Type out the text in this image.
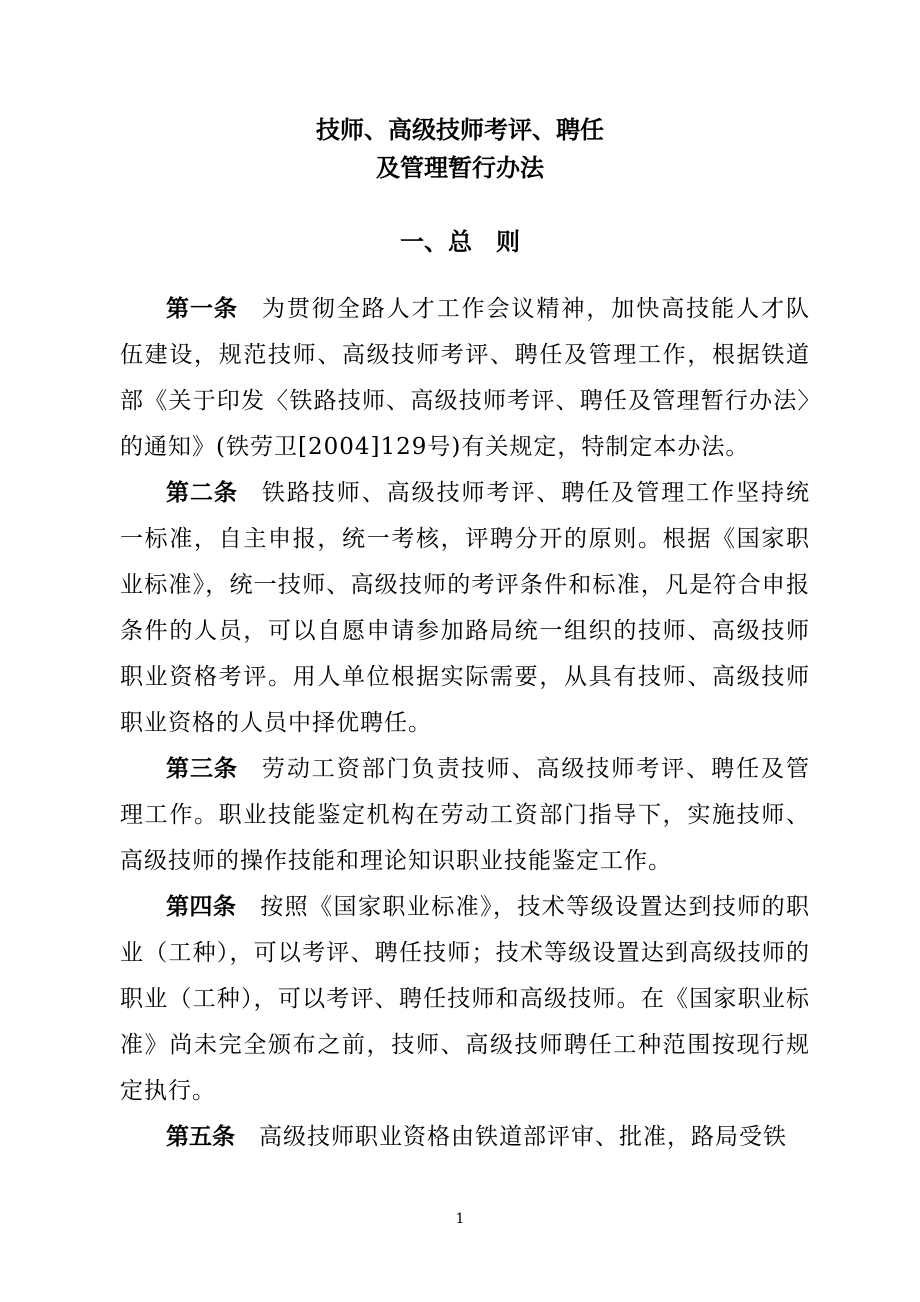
技师、高级技师考评、聘任
及管理暂行办法
一、总　则

第一条 为贯彻全路人才工作会议精神，加快高技能人才队伍建设，规范技师、高级技师考评、聘任及管理工作，根据铁道部《关于印发〈铁路技师、高级技师考评、聘任及管理暂行办法〉的通知》(铁劳卫[2004]129号)有关规定，特制定本办法。

第二条 铁路技师、高级技师考评、聘任及管理工作坚持统一标准，自主申报，统一考核，评聘分开的原则。根据《国家职业标准》，统一技师、高级技师的考评条件和标准，凡是符合申报条件的人员，可以自愿申请参加路局统一组织的技师、高级技师职业资格考评。用人单位根据实际需要，从具有技师、高级技师职业资格的人员中择优聘任。

第三条 劳动工资部门负责技师、高级技师考评、聘任及管理工作。职业技能鉴定机构在劳动工资部门指导下，实施技师、高级技师的操作技能和理论知识职业技能鉴定工作。

第四条 按照《国家职业标准》，技术等级设置达到技师的职业（工种），可以考评、聘任技师；技术等级设置达到高级技师的职业（工种），可以考评、聘任技师和高级技师。在《国家职业标准》尚未完全颁布之前，技师、高级技师聘任工种范围按现行规定执行。

第五条 高级技师职业资格由铁道部评审、批准，路局受铁

1
